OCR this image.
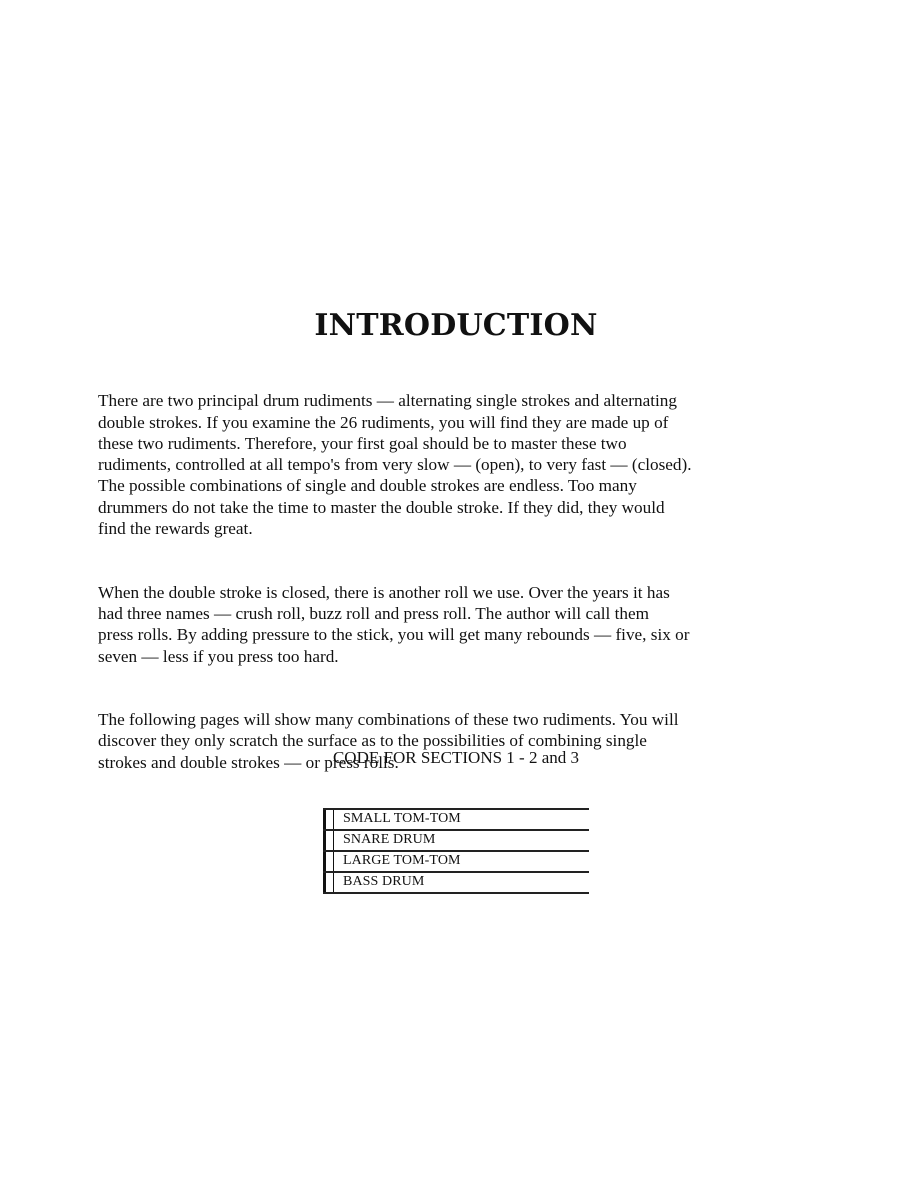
INTRODUCTION

There are two principal drum rudiments — alternating single strokes and alternating
double strokes. If you examine the 26 rudiments, you will find they are made up of
these two rudiments. Therefore, your first goal should be to master these two
rudiments, controlled at all tempo's from very slow — (open), to very fast — (closed).
The possible combinations of single and double strokes are endless. Too many
drummers do not take the time to master the double stroke. If they did, they would
find the rewards great.

When the double stroke is closed, there is another roll we use. Over the years it has
had three names — crush roll, buzz roll and press roll. The author will call them
press rolls. By adding pressure to the stick, you will get many rebounds — five, six or
seven — less if you press too hard.

The following pages will show many combinations of these two rudiments. You will
discover they only scratch the surface as to the possibilities of combining single
strokes and double strokes — or press rolls.

CODE FOR SECTIONS 1 - 2 and 3
SMALL TOM-TOM
SNARE DRUM
LARGE TOM-TOM
BASS DRUM
